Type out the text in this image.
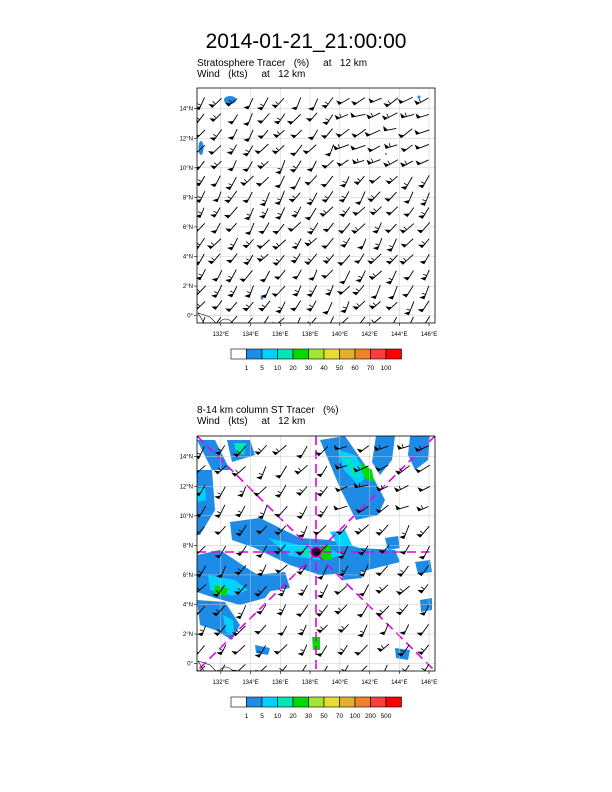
2014-01-21_21:00:00
Stratosphere Tracer   (%)     at   12 km
Wind   (kts)     at   12 km
8-14 km column ST Tracer   (%)
Wind   (kts)     at   12 km
132°E 134°E 136°E 138°E 140°E 142°E 144°E 146°E
0°
2°N
4°N
6°N
8°N
10°N
12°N
14°N
132°E 134°E 136°E 138°E 140°E 142°E 144°E 146°E
0°
2°N
4°N
6°N
8°N
10°N
12°N
14°N
1 5 10 20 30 40 50 60 70 100
1 5 10 20 30 50 70 100 200 500
